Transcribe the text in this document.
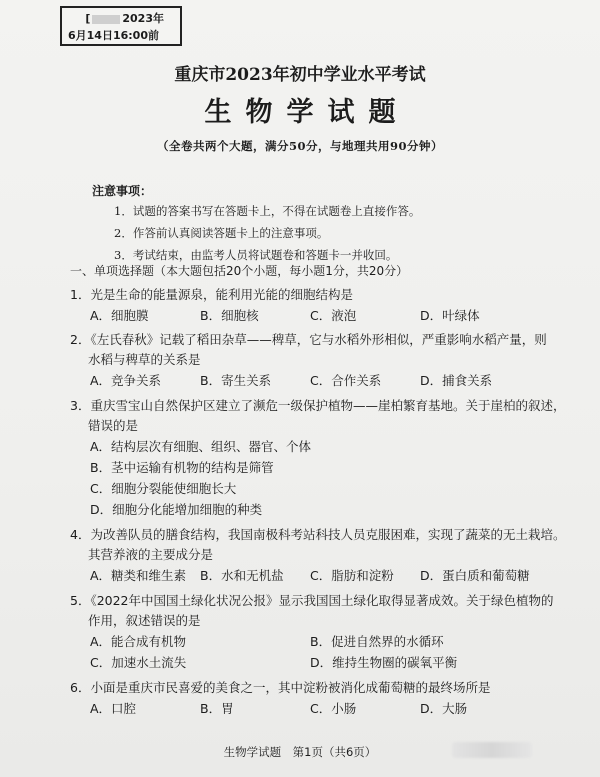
[	2023年
6月14日16:00前
重庆市2023年初中学业水平考试
生物学试题
（全卷共两个大题，满分50分，与地理共用90分钟）
注意事项：
1．试题的答案书写在答题卡上，不得在试题卷上直接作答。
2．作答前认真阅读答题卡上的注意事项。
3．考试结束，由监考人员将试题卷和答题卡一并收回。
一、单项选择题（本大题包括20个小题，每小题1分，共20分）
1．光是生命的能量源泉，能利用光能的细胞结构是
A．细胞膜	B．细胞核	C．液泡	D．叶绿体
2．《左氏春秋》记载了稻田杂草——稗草，它与水稻外形相似，严重影响水稻产量，则
水稻与稗草的关系是
A．竞争关系	B．寄生关系	C．合作关系	D．捕食关系
3．重庆雪宝山自然保护区建立了濒危一级保护植物——崖柏繁育基地。关于崖柏的叙述，
错误的是
A．结构层次有细胞、组织、器官、个体
B．茎中运输有机物的结构是筛管
C．细胞分裂能使细胞长大
D．细胞分化能增加细胞的种类
4．为改善队员的膳食结构，我国南极科考站科技人员克服困难，实现了蔬菜的无土栽培。
其营养液的主要成分是
A．糖类和维生素 B．水和无机盐 C．脂肪和淀粉 D．蛋白质和葡萄糖
5．《2022年中国国土绿化状况公报》显示我国国土绿化取得显著成效。关于绿色植物的
作用，叙述错误的是
A．能合成有机物	B．促进自然界的水循环
C．加速水土流失	D．维持生物圈的碳氧平衡
6．小面是重庆市民喜爱的美食之一，其中淀粉被消化成葡萄糖的最终场所是
A．口腔	B．胃	C．小肠	D．大肠
生物学试题　第1页（共6页）
